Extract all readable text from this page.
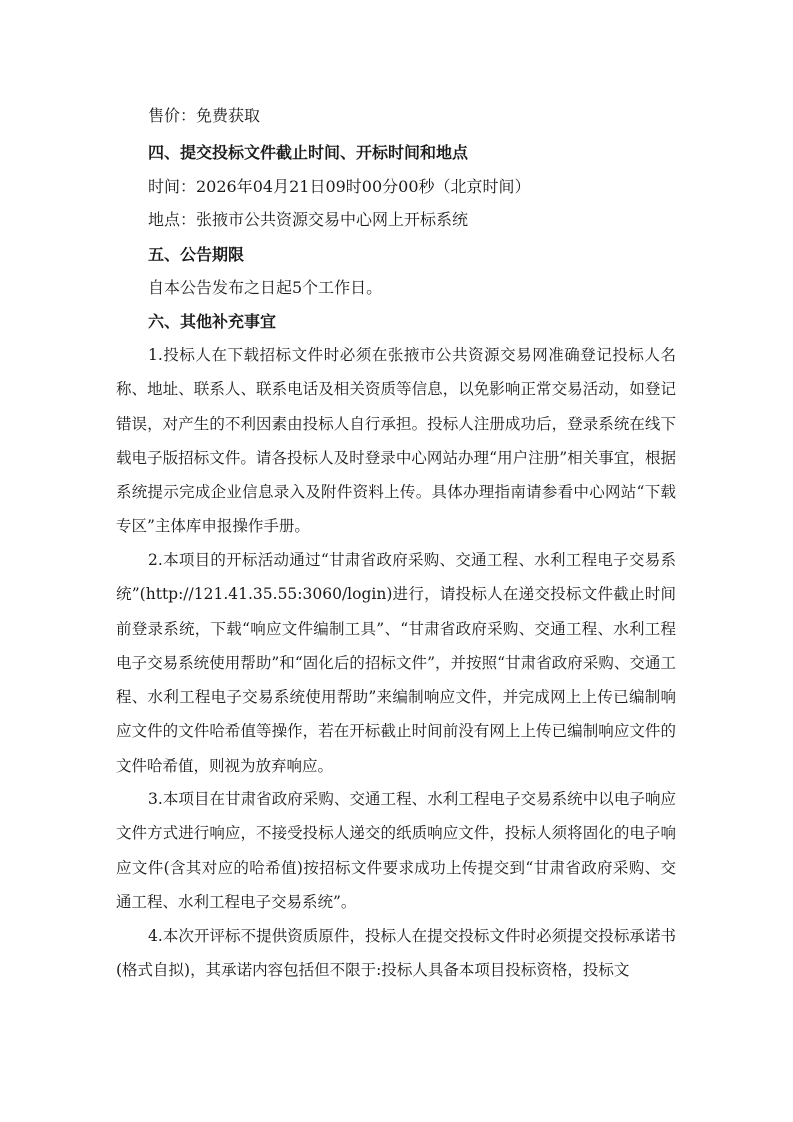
售价：免费获取
四、提交投标文件截止时间、开标时间和地点
时间：2026年04月21日09时00分00秒（北京时间）
地点：张掖市公共资源交易中心网上开标系统
五、公告期限
自本公告发布之日起5个工作日。
六、其他补充事宜
1.投标人在下载招标文件时必须在张掖市公共资源交易网准确登记投标人名称、地址、联系人、联系电话及相关资质等信息，以免影响正常交易活动，如登记错误，对产生的不利因素由投标人自行承担。投标人注册成功后，登录系统在线下载电子版招标文件。请各投标人及时登录中心网站办理“用户注册”相关事宜，根据系统提示完成企业信息录入及附件资料上传。具体办理指南请参看中心网站“下载专区”主体库申报操作手册。
2.本项目的开标活动通过“甘肃省政府采购、交通工程、水利工程电子交易系统”(http://121.41.35.55:3060/login)进行，请投标人在递交投标文件截止时间前登录系统，下载“响应文件编制工具”、“甘肃省政府采购、交通工程、水利工程电子交易系统使用帮助”和“固化后的招标文件”，并按照“甘肃省政府采购、交通工程、水利工程电子交易系统使用帮助”来编制响应文件，并完成网上上传已编制响应文件的文件哈希值等操作，若在开标截止时间前没有网上上传已编制响应文件的文件哈希值，则视为放弃响应。
3.本项目在甘肃省政府采购、交通工程、水利工程电子交易系统中以电子响应文件方式进行响应，不接受投标人递交的纸质响应文件，投标人须将固化的电子响应文件(含其对应的哈希值)按招标文件要求成功上传提交到“甘肃省政府采购、交通工程、水利工程电子交易系统”。
4.本次开评标不提供资质原件，投标人在提交投标文件时必须提交投标承诺书(格式自拟)，其承诺内容包括但不限于:投标人具备本项目投标资格，投标文
